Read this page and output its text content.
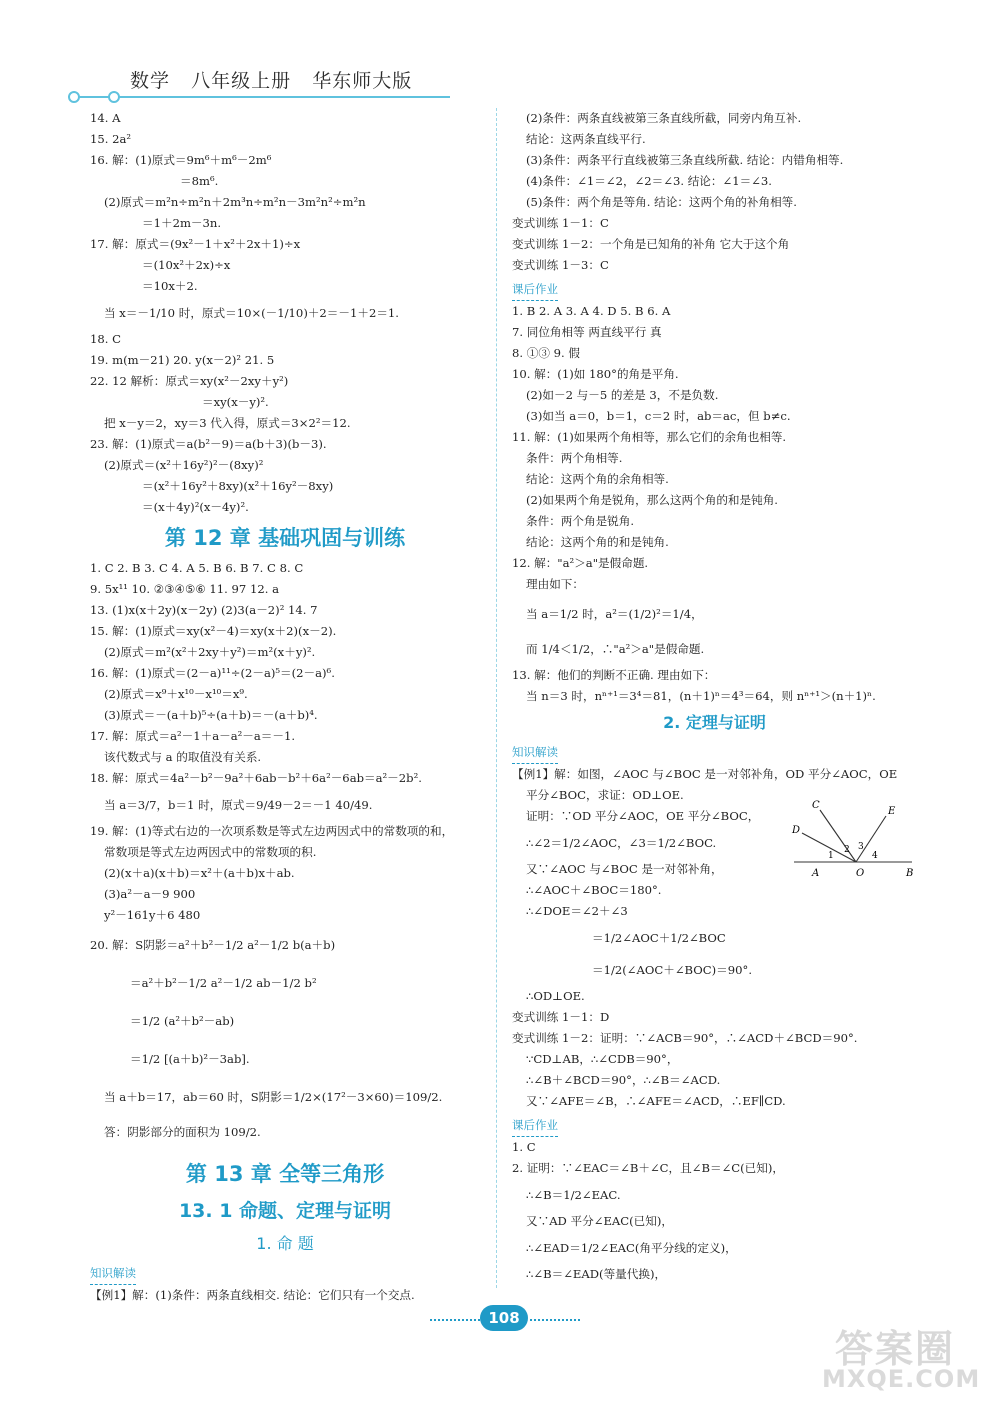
数学   八年级上册   华东师大版
14. A
15. 2a²
16. 解：(1)原式＝9m⁶＋m⁶－2m⁶
＝8m⁶.
(2)原式＝m²n÷m²n＋2m³n÷m²n－3m²n²÷m²n
＝1＋2m－3n.
17. 解：原式＝(9x²－1＋x²＋2x＋1)÷x
＝(10x²＋2x)÷x
＝10x＋2.
当 x＝－1/10 时，原式＝10×(－1/10)＋2＝－1＋2＝1.
18. C
19. m(m－21) 20. y(x－2)² 21. 5
22. 12 解析：原式＝xy(x²－2xy＋y²)
＝xy(x－y)².
把 x－y＝2，xy＝3 代入得，原式＝3×2²＝12.
23. 解：(1)原式＝a(b²－9)＝a(b＋3)(b－3).
(2)原式＝(x²＋16y²)²－(8xy)²
＝(x²＋16y²＋8xy)(x²＋16y²－8xy)
＝(x＋4y)²(x－4y)².
第 12 章 基础巩固与训练
1. C 2. B 3. C 4. A 5. B 6. B 7. C 8. C
9. 5x¹¹ 10. ②③④⑤⑥ 11. 97 12. a
13. (1)x(x＋2y)(x－2y) (2)3(a－2)² 14. 7
15. 解：(1)原式＝xy(x²－4)＝xy(x＋2)(x－2).
(2)原式＝m²(x²＋2xy＋y²)＝m²(x＋y)².
16. 解：(1)原式＝(2－a)¹¹÷(2－a)⁵＝(2－a)⁶.
(2)原式＝x⁹＋x¹⁰－x¹⁰＝x⁹.
(3)原式＝－(a＋b)⁵÷(a＋b)＝－(a＋b)⁴.
17. 解：原式＝a²－1＋a－a²－a＝－1.
该代数式与 a 的取值没有关系.
18. 解：原式＝4a²－b²－9a²＋6ab－b²＋6a²－6ab＝a²－2b².
当 a＝3/7，b＝1 时，原式＝9/49－2＝－1 40/49.
19. 解：(1)等式右边的一次项系数是等式左边两因式中的常数项的和，
常数项是等式左边两因式中的常数项的积.
(2)(x＋a)(x＋b)＝x²＋(a＋b)x＋ab.
(3)a²－a－9 900
y²－161y＋6 480
20. 解：S阴影＝a²＋b²－1/2 a²－1/2 b(a＋b)
＝a²＋b²－1/2 a²－1/2 ab－1/2 b²
＝1/2 (a²＋b²－ab)
＝1/2 [(a＋b)²－3ab].
当 a＋b＝17，ab＝60 时，S阴影＝1/2×(17²－3×60)＝109/2.
答：阴影部分的面积为 109/2.
第 13 章 全等三角形
13. 1 命题、定理与证明
1. 命 题
知识解读
【例1】解：(1)条件：两条直线相交. 结论：它们只有一个交点.
(2)条件：两条直线被第三条直线所截，同旁内角互补.
结论：这两条直线平行.
(3)条件：两条平行直线被第三条直线所截. 结论：内错角相等.
(4)条件：∠1＝∠2，∠2＝∠3. 结论：∠1＝∠3.
(5)条件：两个角是等角. 结论：这两个角的补角相等.
变式训练 1－1：C
变式训练 1－2：一个角是已知角的补角 它大于这个角
变式训练 1－3：C
课后作业
1. B 2. A 3. A 4. D 5. B 6. A
7. 同位角相等 两直线平行 真
8. ①③ 9. 假
10. 解：(1)如 180°的角是平角.
(2)如－2 与－5 的差是 3，不是负数.
(3)如当 a＝0，b＝1，c＝2 时，ab＝ac，但 b≠c.
11. 解：(1)如果两个角相等，那么它们的余角也相等.
条件：两个角相等.
结论：这两个角的余角相等.
(2)如果两个角是锐角，那么这两个角的和是钝角.
条件：两个角是锐角.
结论：这两个角的和是钝角.
12. 解："a²＞a"是假命题.
理由如下：
当 a＝1/2 时，a²＝(1/2)²＝1/4，
而 1/4＜1/2，∴"a²＞a"是假命题.
13. 解：他们的判断不正确. 理由如下：
当 n＝3 时，nⁿ⁺¹＝3⁴＝81，(n＋1)ⁿ＝4³＝64，则 nⁿ⁺¹＞(n＋1)ⁿ.
2. 定理与证明
知识解读
【例1】解：如图，∠AOC 与∠BOC 是一对邻补角，OD 平分∠AOC，OE
平分∠BOC，求证：OD⊥OE.
证明：∵OD 平分∠AOC，OE 平分∠BOC，
∴∠2＝1/2∠AOC，∠3＝1/2∠BOC.
又∵∠AOC 与∠BOC 是一对邻补角，
∴∠AOC＋∠BOC＝180°.
∴∠DOE＝∠2＋∠3
＝1/2∠AOC＋1/2∠BOC
＝1/2(∠AOC＋∠BOC)＝90°.
∴OD⊥OE.
变式训练 1－1：D
变式训练 1－2：证明：∵∠ACB＝90°，∴∠ACD＋∠BCD＝90°.
∵CD⊥AB，∴∠CDB＝90°，
∴∠B＋∠BCD＝90°，∴∠B＝∠ACD.
又∵∠AFE＝∠B，∴∠AFE＝∠ACD，∴EF∥CD.
课后作业
1. C
2. 证明：∵∠EAC＝∠B＋∠C，且∠B＝∠C(已知)，
∴∠B＝1/2∠EAC.
又∵AD 平分∠EAC(已知)，
∴∠EAD＝1/2∠EAC(角平分线的定义)，
∴∠B＝∠EAD(等量代换)，
C
E
D
1
2 3
4
A	O	B
108
答案圈
MXQE.COM
